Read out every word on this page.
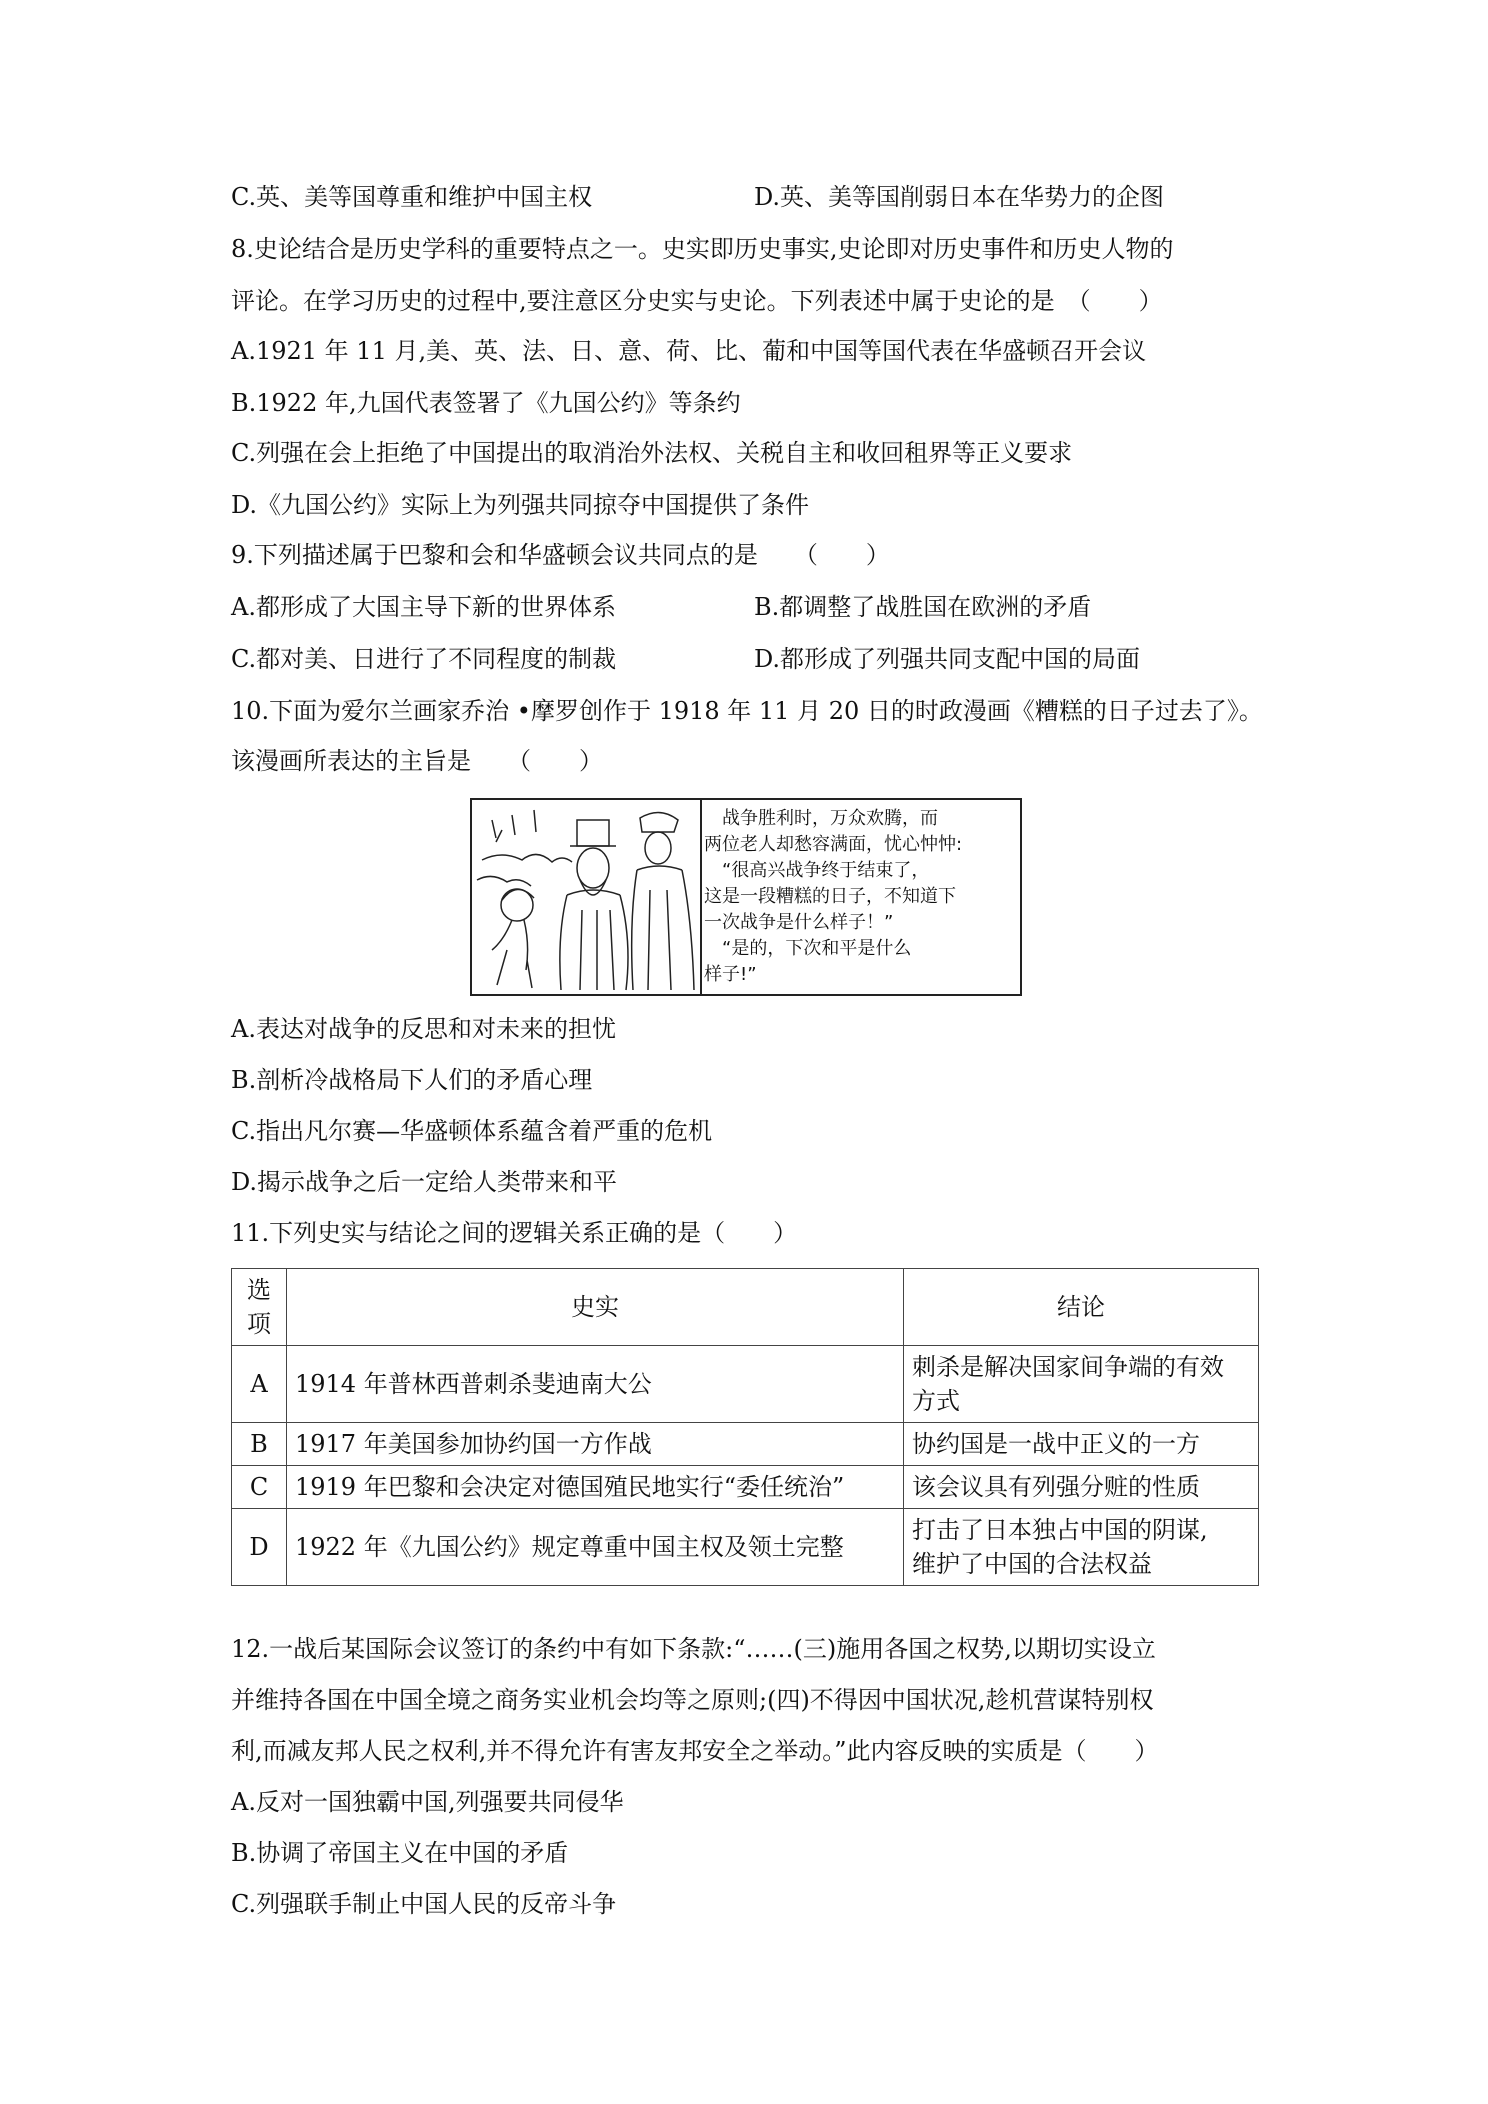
C.英、美等国尊重和维护中国主权	D.英、美等国削弱日本在华势力的企图
8.史论结合是历史学科的重要特点之一。史实即历史事实,史论即对历史事件和历史人物的
评论。在学习历史的过程中,要注意区分史实与史论。下列表述中属于史论的是　（　　）
A.1921 年 11 月,美、英、法、日、意、荷、比、葡和中国等国代表在华盛顿召开会议
B.1922 年,九国代表签署了《九国公约》等条约
C.列强在会上拒绝了中国提出的取消治外法权、关税自主和收回租界等正义要求
D.《九国公约》实际上为列强共同掠夺中国提供了条件
9.下列描述属于巴黎和会和华盛顿会议共同点的是　　（　　）
A.都形成了大国主导下新的世界体系	B.都调整了战胜国在欧洲的矛盾
C.都对美、日进行了不同程度的制裁	D.都形成了列强共同支配中国的局面
10.下面为爱尔兰画家乔治 •摩罗创作于 1918 年 11 月 20 日的时政漫画《糟糕的日子过去了》。
该漫画所表达的主旨是　　（　　）
　战争胜利时，万众欢腾，而
两位老人却愁容满面，忧心忡忡:
　“很高兴战争终于结束了，
这是一段糟糕的日子，不知道下
一次战争是什么样子！”
　“是的，下次和平是什么
样子!”
A.表达对战争的反思和对未来的担忧
B.剖析冷战格局下人们的矛盾心理
C.指出凡尔赛—华盛顿体系蕴含着严重的危机
D.揭示战争之后一定给人类带来和平
11.下列史实与结论之间的逻辑关系正确的是（　　）
选项	史实	结论
A	1914 年普林西普刺杀斐迪南大公	刺杀是解决国家间争端的有效
方式

B	1917 年美国参加协约国一方作战	协约国是一战中正义的一方

C	1919 年巴黎和会决定对德国殖民地实行“委任统治”	该会议具有列强分赃的性质

D	1922 年《九国公约》规定尊重中国主权及领土完整	打击了日本独占中国的阴谋,
维护了中国的合法权益
12.一战后某国际会议签订的条约中有如下条款:“……(三)施用各国之权势,以期切实设立
并维持各国在中国全境之商务实业机会均等之原则;(四)不得因中国状况,趁机营谋特别权
利,而减友邦人民之权利,并不得允许有害友邦安全之举动。”此内容反映的实质是（　　）
A.反对一国独霸中国,列强要共同侵华
B.协调了帝国主义在中国的矛盾
C.列强联手制止中国人民的反帝斗争
